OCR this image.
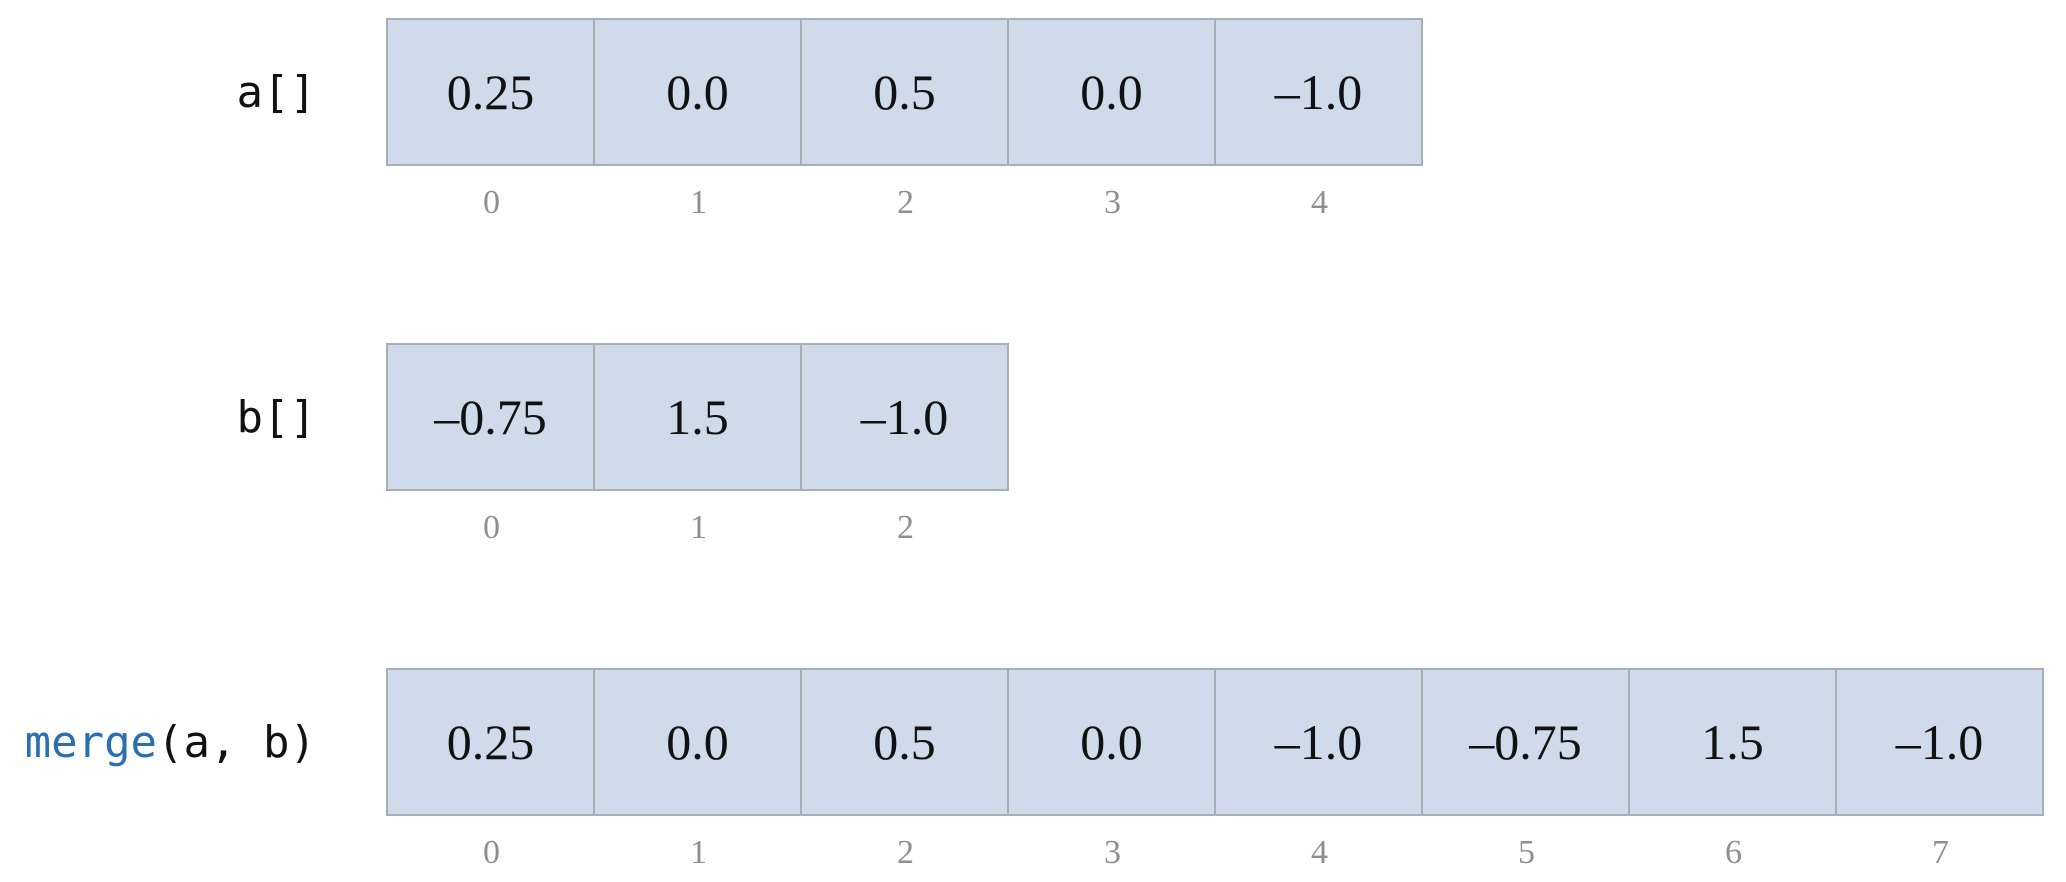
a[]	0.25	0.0	0.5	0.0	–1.0
0	1	2	3	4
b[]	–0.75	1.5	–1.0
0	1	2
merge (a, b)	0.25	0.0	0.5	0.0	–1.0	–0.75	1.5	–1.0
0	1	2	3	4	5	6	7
